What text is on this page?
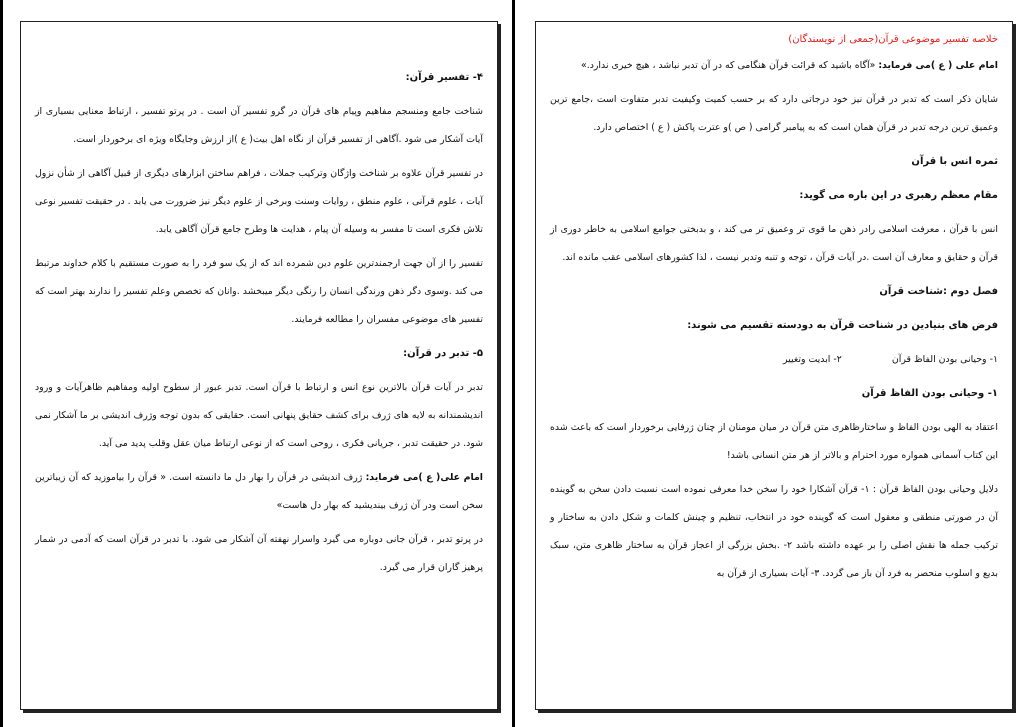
۴- تفسیر قرآن:

شناخت جامع ومنسجم مفاهیم وپیام های قرآن در گرو تفسیر آن است . در پرتو تفسیر ، ارتباط معنایی بسیاری از آیات آشکار می شود .آگاهی از تفسیر قرآن از نگاه اهل بیت( ع )از ارزش وجایگاه ویژه ای برخوردار است.

در تفسیر قرآن علاوه بر شناخت واژگان وترکیب جملات ، فراهم ساختن ابزارهای دیگری از قبیل آگاهی از شأن نزول آیات ، علوم قرآنی ، علوم منطق ، روایات وسنت وبرخی از علوم دیگر نیز ضرورت می یابد . در حقیقت تفسیر نوعی تلاش فکری است تا مفسر به وسیله آن پیام ، هدایت ها وطرح جامع قرآن آگاهی یابد.

تفسیر را از آن جهت ارجمندترین علوم دین شمرده اند که از یک سو فرد را به صورت مستقیم با کلام خداوند مرتبط می کند .وسوی دگر ذهن ورندگی انسان را رنگی دیگر میبخشد .وانان که تخصص وعلم تفسیر را ندارند بهتر است که تفسیر های موضوعی مفسران را مطالعه فرمایند.

۵- تدبر در قرآن:

تدبر در آیات قرآن بالاترین نوع انس و ارتباط با قرآن است. تدبر عبور از سطوح اولیه ومفاهیم ظاهرآیات و ورود اندیشمندانه به لایه های ژرف برای کشف حقایق پنهانی است. حقایقی که بدون توجه وژرف اندیشی بر ما آشکار نمی شود. در حقیقت تدبر ، جریانی فکری ، روحی است که از نوعی ارتباط میان عقل وقلب پدید می آید.

امام علی( ع )می فرماید: ژرف اندیشی در قرآن را بهار دل ما دانسته است. « قرآن را بیاموزید که آن زیباترین سخن است ودر آن ژرف بیندیشید که بهار دل هاست»

در پرتو تدبر ، قرآن جانی دوباره می گیرد واسرار نهفته آن آشکار می شود. با تدبر در قرآن است که آدمی در شمار پرهیز گاران قرار می گیرد.

خلاصه تفسیر موضوعی قرآن(جمعی از نویسندگان)

امام علی ( ع )می فرماید: «آگاه باشید که قرائت قرآن هنگامی که در آن تدبر نباشد ، هیچ خیری ندارد.»

شایان ذکر است که تدبر در قرآن نیز خود درجاتی دارد که بر حسب کمیت وکیفیت تدبر متفاوت است ،جامع ترین وعمیق ترین درجه تدبر در قرآن همان است که به پیامبر گرامی ( ص )و عترت پاکش ( ع ) اختصاص دارد.

ثمره انس با قرآن
مقام معظم رهبری در این باره می گوید:

انس با قرآن ، معرفت اسلامی رادر ذهن ما قوی تر وعمیق تر می کند ، و بدبختی جوامع اسلامی به خاطر دوری از قرآن و حقایق و معارف آن است .در آیات قرآن ، توجه و تنبه وتدبر نیست ، لذا کشورهای اسلامی عقب مانده اند.

فصل دوم :شناخت قرآن
فرض های بنیادین در شناخت قرآن به دودسته تقسیم می شوند:
۱- وحیانی بودن الفاظ قرآن
۲- ابدیت وتغییر
۱- وحیانی بودن الفاظ قرآن

اعتقاد به الهی بودن الفاظ و ساختارظاهری متن قرآن در میان مومنان از چنان ژرفایی برخوردار است که باعث شده این کتاب آسمانی همواره مورد احترام و بالاتر از هر متن انسانی باشد!

دلایل وحیانی بودن الفاظ قرآن : ۱- قرآن آشکارا خود را سخن خدا معرفی نموده است نسبت دادن سخن به گوینده آن در صورتی منطقی و معقول است که گوینده خود در انتخاب، تنظیم و چینش کلمات و شکل دادن به ساختار و ترکیب جمله ها نقش اصلی را بر عهده داشته باشد ۲- .بخش بزرگی از اعجاز قرآن به ساختار ظاهری متن، سبک بدیع و اسلوب منحصر به فرد آن باز می گردد. ۳- آیات بسیاری از قرآن به
